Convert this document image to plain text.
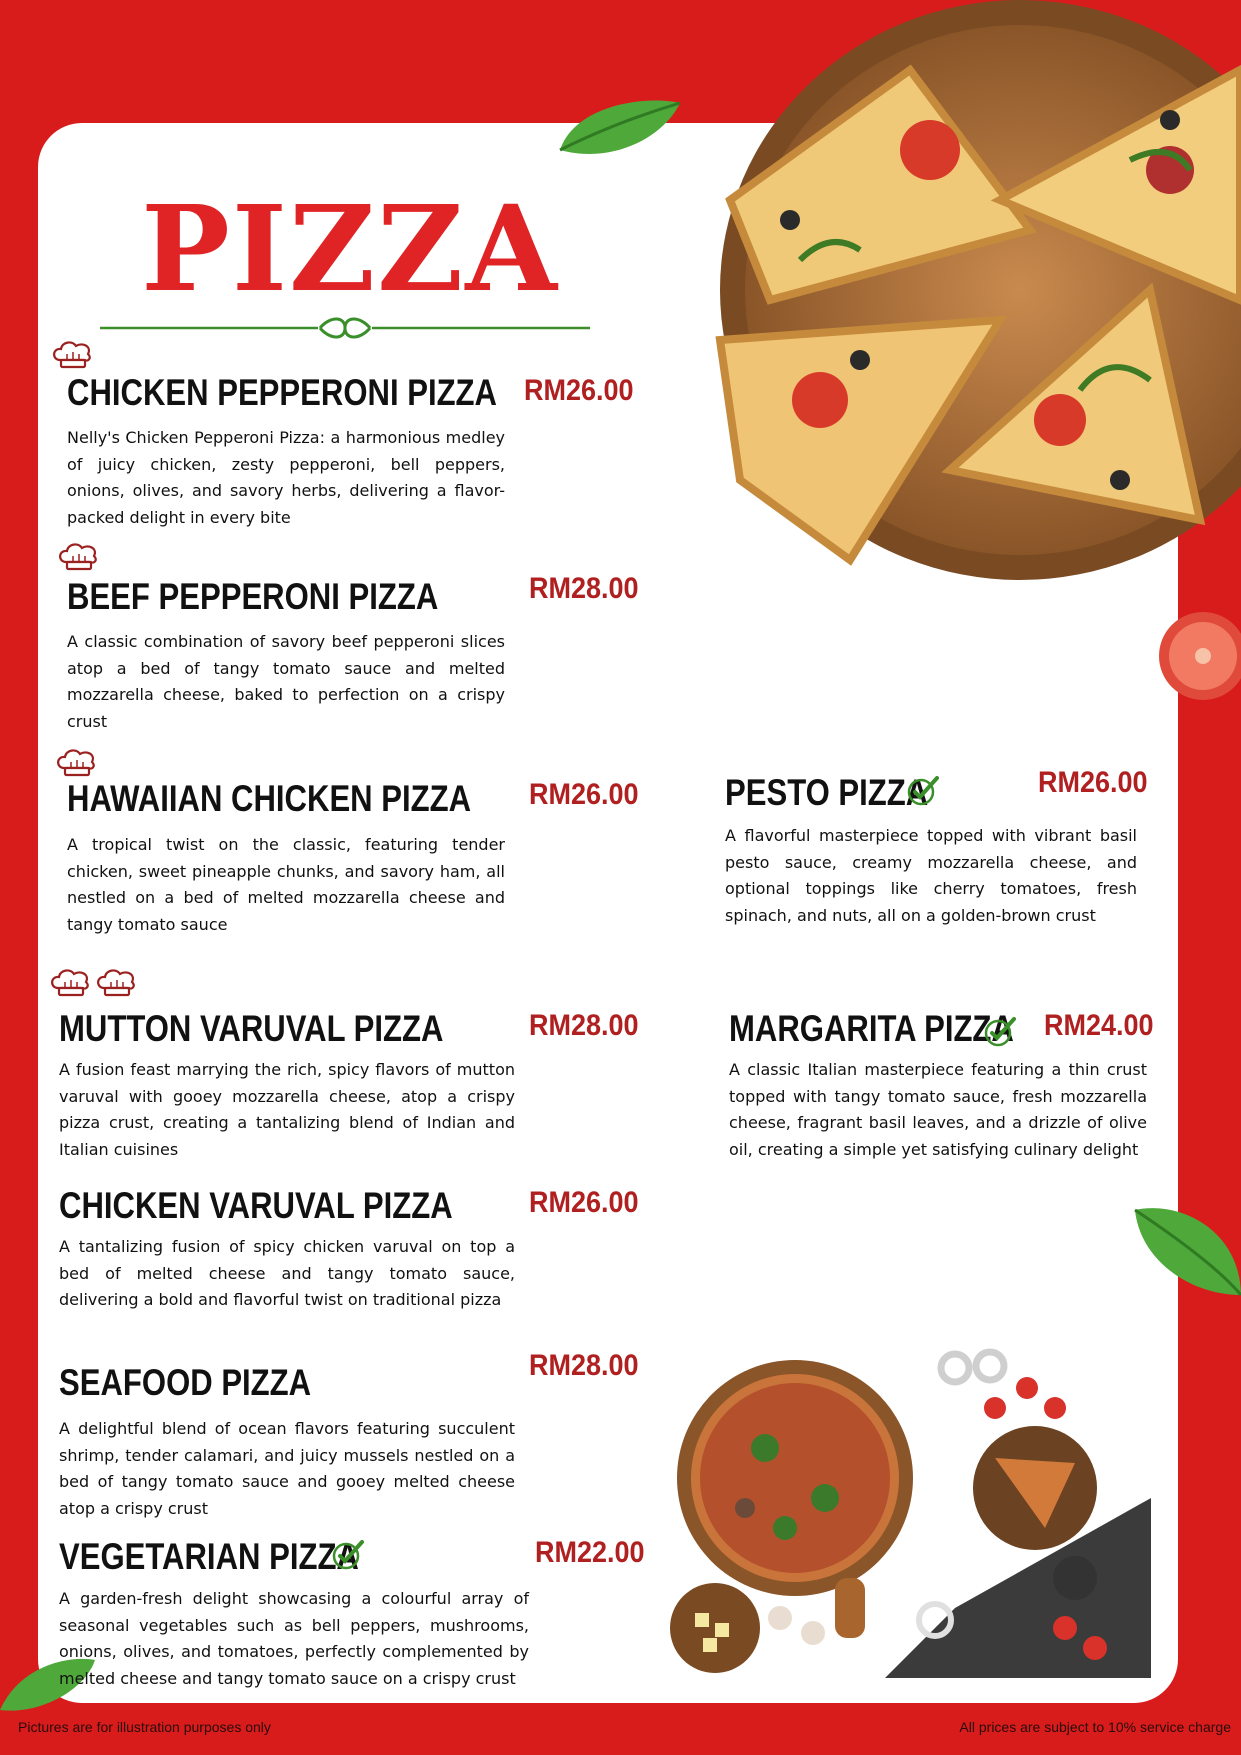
PIZZA
CHICKEN PEPPERONI PIZZA RM26.00
Nelly's Chicken Pepperoni Pizza: a harmonious medley of juicy chicken, zesty pepperoni, bell peppers, onions, olives, and savory herbs, delivering a flavor-packed delight in every bite
BEEF PEPPERONI PIZZA	RM28.00
A classic combination of savory beef pepperoni slices atop a bed of tangy tomato sauce and melted mozzarella cheese, baked to perfection on a crispy crust
HAWAIIAN CHICKEN PIZZA RM26.00
A tropical twist on the classic, featuring tender chicken, sweet pineapple chunks, and savory ham, all nestled on a bed of melted mozzarella cheese and tangy tomato sauce
PESTO PIZZA	RM26.00
A flavorful masterpiece topped with vibrant basil pesto sauce, creamy mozzarella cheese, and optional toppings like cherry tomatoes, fresh spinach, and nuts, all on a golden-brown crust
MUTTON VARUVAL PIZZA	RM28.00
A fusion feast marrying the rich, spicy flavors of mutton varuval with gooey mozzarella cheese, atop a crispy pizza crust, creating a tantalizing blend of Indian and Italian cuisines
MARGARITA PIZZA RM24.00
A classic Italian masterpiece featuring a thin crust topped with tangy tomato sauce, fresh mozzarella cheese, fragrant basil leaves, and a drizzle of olive oil, creating a simple yet satisfying culinary delight
CHICKEN VARUVAL PIZZA	RM26.00
A tantalizing fusion of spicy chicken varuval on top a bed of melted cheese and tangy tomato sauce, delivering a bold and flavorful twist on traditional pizza
SEAFOOD PIZZA	RM28.00
A delightful blend of ocean flavors featuring succulent shrimp, tender calamari, and juicy mussels nestled on a bed of tangy tomato sauce and gooey melted cheese atop a crispy crust
VEGETARIAN PIZZA	RM22.00
A garden-fresh delight showcasing a colourful array of seasonal vegetables such as bell peppers, mushrooms, onions, olives, and tomatoes, perfectly complemented by melted cheese and tangy tomato sauce on a crispy crust
Pictures are for illustration purposes only	All prices are subject to 10% service charge
